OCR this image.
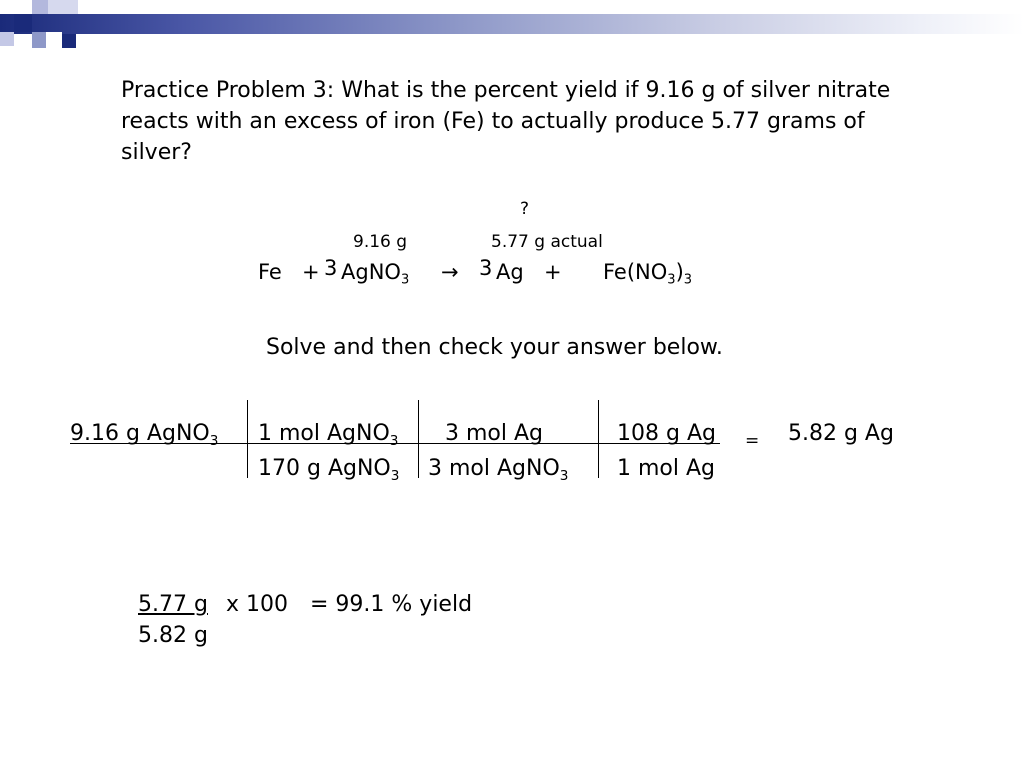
Practice Problem 3: What is the percent yield if 9.16 g of silver nitrate
reacts with an excess of iron (Fe) to actually produce 5.77 grams of
silver?
?
9.16 g	5.77 g actual
Fe + 3 AgNO$_3$ → 3 $Ag + Fe(NO_3)_3$
Solve and then check your answer below.
9.16 g AgNO$_3$ 1 mol AgNO$_3$
170 g AgNO$_3$
3 mol Ag
3 mol AgNO$_3$
108 g Ag
1 mol Ag
= 5.82 g Ag
5.77 g x 100 = 99.1 % yield
5.82 g
